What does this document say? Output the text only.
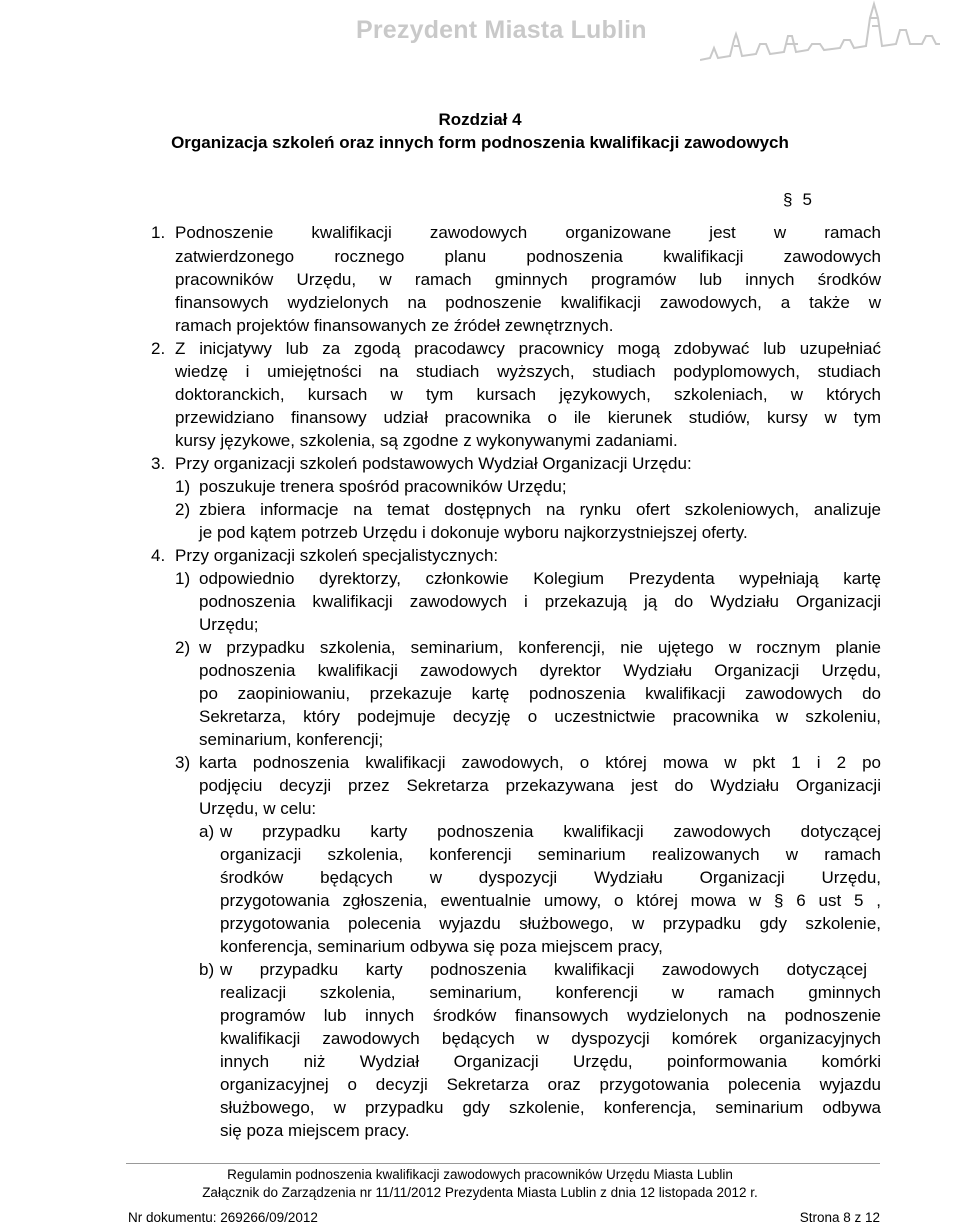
Prezydent Miasta Lublin
Rozdział 4
Organizacja szkoleń oraz innych form podnoszenia kwalifikacji zawodowych
§ 5
1. Podnoszenie kwalifikacji zawodowych organizowane jest w ramach
zatwierdzonego rocznego planu podnoszenia kwalifikacji zawodowych
pracowników Urzędu, w ramach gminnych programów lub innych środków
finansowych wydzielonych na podnoszenie kwalifikacji zawodowych, a także w
ramach projektów finansowanych ze źródeł zewnętrznych.
2. Z inicjatywy lub za zgodą pracodawcy pracownicy mogą zdobywać lub uzupełniać
wiedzę i umiejętności na studiach wyższych, studiach podyplomowych, studiach
doktoranckich, kursach w tym kursach językowych, szkoleniach, w których
przewidziano finansowy udział pracownika o ile kierunek studiów, kursy w tym
kursy językowe, szkolenia, są zgodne z wykonywanymi zadaniami.
3. Przy organizacji szkoleń podstawowych Wydział Organizacji Urzędu:
1) poszukuje trenera spośród pracowników Urzędu;
2) zbiera informacje na temat dostępnych na rynku ofert szkoleniowych, analizuje
je pod kątem potrzeb Urzędu i dokonuje wyboru najkorzystniejszej oferty.
4. Przy organizacji szkoleń specjalistycznych:
1) odpowiednio dyrektorzy, członkowie Kolegium Prezydenta wypełniają kartę
podnoszenia kwalifikacji zawodowych i przekazują ją do Wydziału Organizacji
Urzędu;
2) w przypadku szkolenia, seminarium, konferencji, nie ujętego w rocznym planie
podnoszenia kwalifikacji zawodowych dyrektor Wydziału Organizacji Urzędu,
po zaopiniowaniu, przekazuje kartę podnoszenia kwalifikacji zawodowych do
Sekretarza, który podejmuje decyzję o uczestnictwie pracownika w szkoleniu,
seminarium, konferencji;
3) karta podnoszenia kwalifikacji zawodowych, o której mowa w pkt 1 i 2 po
podjęciu decyzji przez Sekretarza przekazywana jest do Wydziału Organizacji
Urzędu, w celu:
a) w przypadku karty podnoszenia kwalifikacji zawodowych dotyczącej
organizacji szkolenia, konferencji seminarium realizowanych w ramach
środków będących w dyspozycji Wydziału Organizacji Urzędu,
przygotowania zgłoszenia, ewentualnie umowy, o której mowa w § 6 ust 5 ,
przygotowania polecenia wyjazdu służbowego, w przypadku gdy szkolenie,
konferencja, seminarium odbywa się poza miejscem pracy,
b) w przypadku karty podnoszenia kwalifikacji zawodowych dotyczącej
realizacji szkolenia, seminarium, konferencji w ramach gminnych
programów lub innych środków finansowych wydzielonych na podnoszenie
kwalifikacji zawodowych będących w dyspozycji komórek organizacyjnych
innych niż Wydział Organizacji Urzędu, poinformowania komórki
organizacyjnej o decyzji Sekretarza oraz przygotowania polecenia wyjazdu
służbowego, w przypadku gdy szkolenie, konferencja, seminarium odbywa
się poza miejscem pracy.
Regulamin podnoszenia kwalifikacji zawodowych pracowników Urzędu Miasta Lublin
Załącznik do Zarządzenia nr 11/11/2012 Prezydenta Miasta Lublin z dnia 12 listopada 2012 r.
Nr dokumentu: 269266/09/2012	Strona 8 z 12
